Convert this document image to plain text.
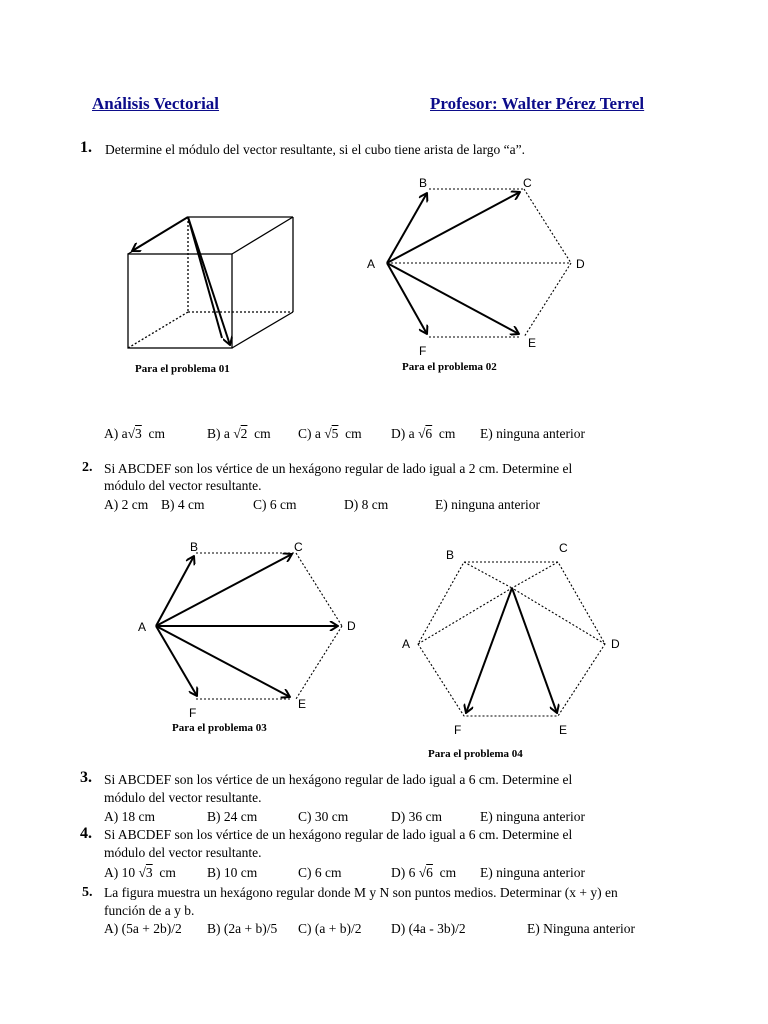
Análisis Vectorial	Profesor: Walter Pérez Terrel
1. Determine el módulo del vector resultante, si el cubo tiene arista de largo “a”.
B	C
A	D
E
F
Para el problema 01	Para el problema 02
A) a√3 cm	B) a √2 cm C) a √5 cm D) a √6 cm E) ninguna anterior
2. Si ABCDEF son los vértice de un hexágono regular de lado igual a 2 cm. Determine el
módulo del vector resultante.
A) 2 cm B) 4 cm	C) 6 cm	D) 8 cm	E) ninguna anterior
B	C
A	D
E
F
Para el problema 03
B	C
A	D
F	E
Para el problema 04
3. Si ABCDEF son los vértice de un hexágono regular de lado igual a 6 cm. Determine el
módulo del vector resultante.
A) 18 cm	B) 24 cm	C) 30 cm	D) 36 cm	E) ninguna anterior
4. Si ABCDEF son los vértice de un hexágono regular de lado igual a 6 cm. Determine el
módulo del vector resultante.
A) 10 √3 cm B) 10 cm	C) 6 cm	D) 6 √6 cm E) ninguna anterior
5. La figura muestra un hexágono regular donde M y N son puntos medios. Determinar (x + y) en
función de a y b.
A) (5a + 2b)/2 B) (2a + b)/5 C) (a + b)/2 D) (4a - 3b)/2	E) Ninguna anterior
